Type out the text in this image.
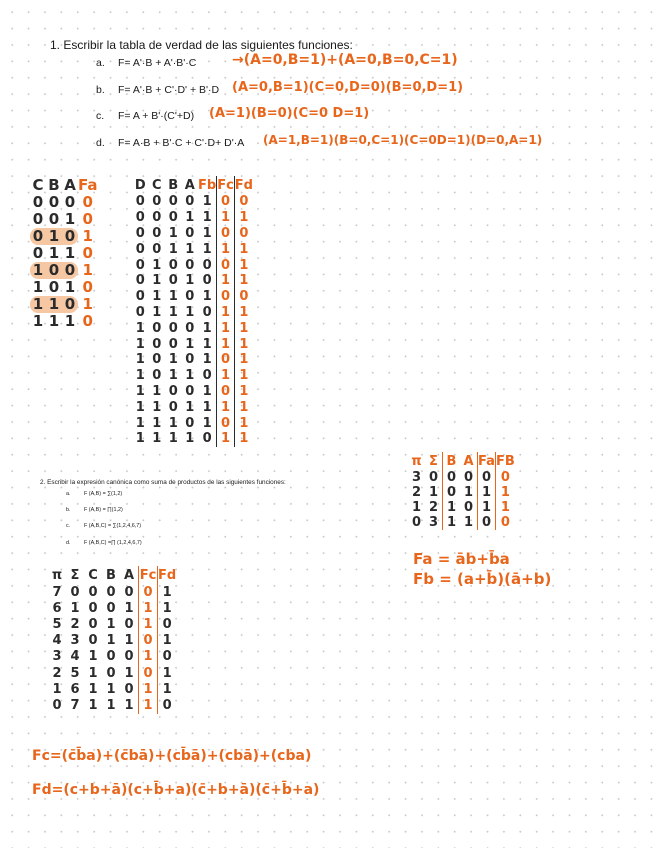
1. Escribir la tabla de verdad de las siguientes funciones:
a. F= A'·B + A'·B'·C	→(A=0,B=1)+(A=0,B=0,C=1)
b. F= A'·B + C'·D' + B'·D (A=0,B=1)(C=0,D=0)(B=0,D=1)
c. F= A + B'·(C'+D) (A=1)(B=0)(C=0 D=1)
d. F= A·B + B'·C + C'·D+ D'·A (A=1,B=1)(B=0,C=1)(C=0D=1)(D=0,A=1)
C	B	A	Fa
0	0	0	0
0	0	1	0
0	1	0	1
0	1	1	0
1	0	0	1
1	0	1	0
1	1	0	1
1	1	1	0
D	C	B	A	Fb	Fc	Fd
0	0	0	0	1	0	0
0	0	0	1	1	1	1
0	0	1	0	1	0	0
0	0	1	1	1	1	1
0	1	0	0	0	0	1
0	1	0	1	0	1	1
0	1	1	0	1	0	0
0	1	1	1	0	1	1
1	0	0	0	1	1	1
1	0	0	1	1	1	1
1	0	1	0	1	0	1
1	0	1	1	0	1	1
1	1	0	0	1	0	1
1	1	0	1	1	1	1
1	1	1	0	1	0	1
1	1	1	1	0	1	1
2. Escribir la expresión canónica como suma de productos de las siguientes funciones:
a.	F (A,B) = ∑(1,2)
b.	F (A,B) = ∏(1,2)
c.	F (A,B,C) = ∑(1,2,4,6,7)
d.	F (A,B,C) =∏ (1,2,4,6,7)
π	Σ	B	A	Fa	FB
3	0	0	0	0	0
2	1	0	1	1	1
1	2	1	0	1	1
0	3	1	1	0	0
Fa = āb+b̄a
Fb = (a+b̄)(ā+b)
π	Σ	C	B	A	Fc	Fd
7	0	0	0	0	0	1
6	1	0	0	1	1	1
5	2	0	1	0	1	0
4	3	0	1	1	0	1
3	4	1	0	0	1	0
2	5	1	0	1	0	1
1	6	1	1	0	1	1
0	7	1	1	1	1	0
Fc=(c̄b̄a)+(c̄bā)+(cb̄ā)+(cbā)+(cba)
Fd=(c+b+ā)(c+b̄+a)(c̄+b+ā)(c̄+b̄+a)
